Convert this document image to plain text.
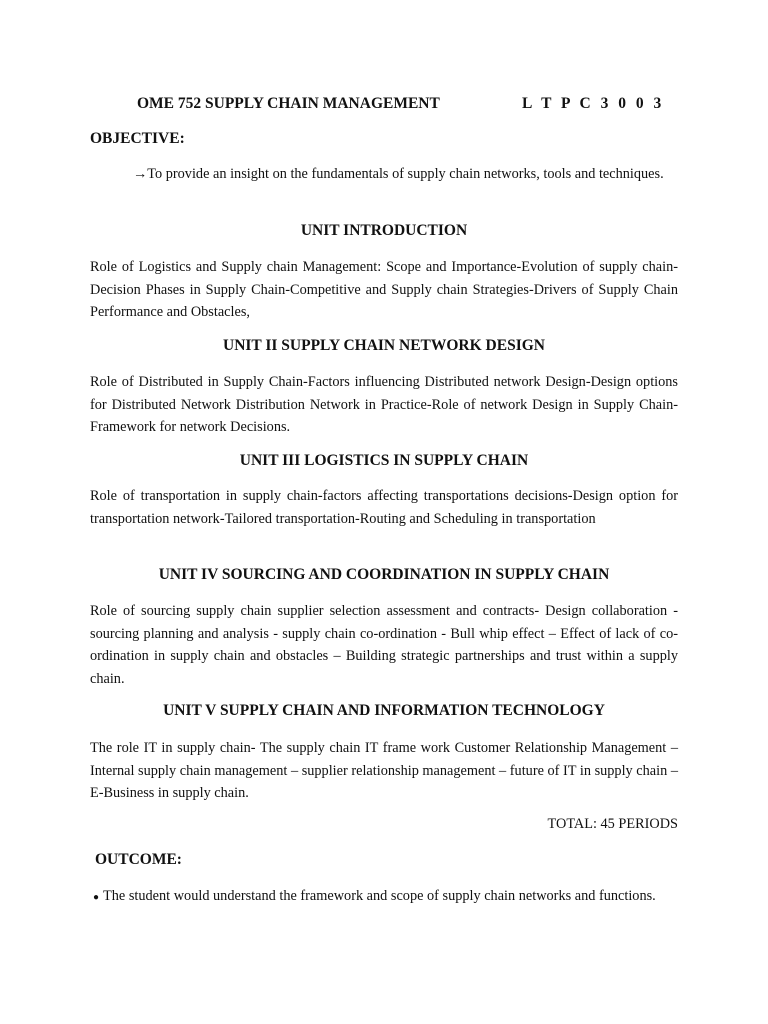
OME 752 SUPPLY CHAIN MANAGEMENT	L T P C 3 0 0 3

OBJECTIVE:

→To provide an insight on the fundamentals of supply chain networks, tools and techniques.

UNIT INTRODUCTION

Role of Logistics and Supply chain Management: Scope and Importance-Evolution of supply chain-Decision Phases in Supply Chain-Competitive and Supply chain Strategies-Drivers of Supply Chain Performance and Obstacles,

UNIT II SUPPLY CHAIN NETWORK DESIGN

Role of Distributed in Supply Chain-Factors influencing Distributed network Design-Design options for Distributed Network Distribution Network in Practice-Role of network Design in Supply Chain-Framework for network Decisions.

UNIT III LOGISTICS IN SUPPLY CHAIN

Role of transportation in supply chain-factors affecting transportations decisions-Design option for transportation network-Tailored transportation-Routing and Scheduling in transportation

UNIT IV SOURCING AND COORDINATION IN SUPPLY CHAIN

Role of sourcing supply chain supplier selection assessment and contracts- Design collaboration - sourcing planning and analysis - supply chain co-ordination - Bull whip effect – Effect of lack of co-ordination in supply chain and obstacles – Building strategic partnerships and trust within a supply chain.

UNIT V SUPPLY CHAIN AND INFORMATION TECHNOLOGY

The role IT in supply chain- The supply chain IT frame work Customer Relationship Management – Internal supply chain management – supplier relationship management – future of IT in supply chain – E-Business in supply chain.

TOTAL: 45 PERIODS

OUTCOME:

● The student would understand the framework and scope of supply chain networks and functions.
